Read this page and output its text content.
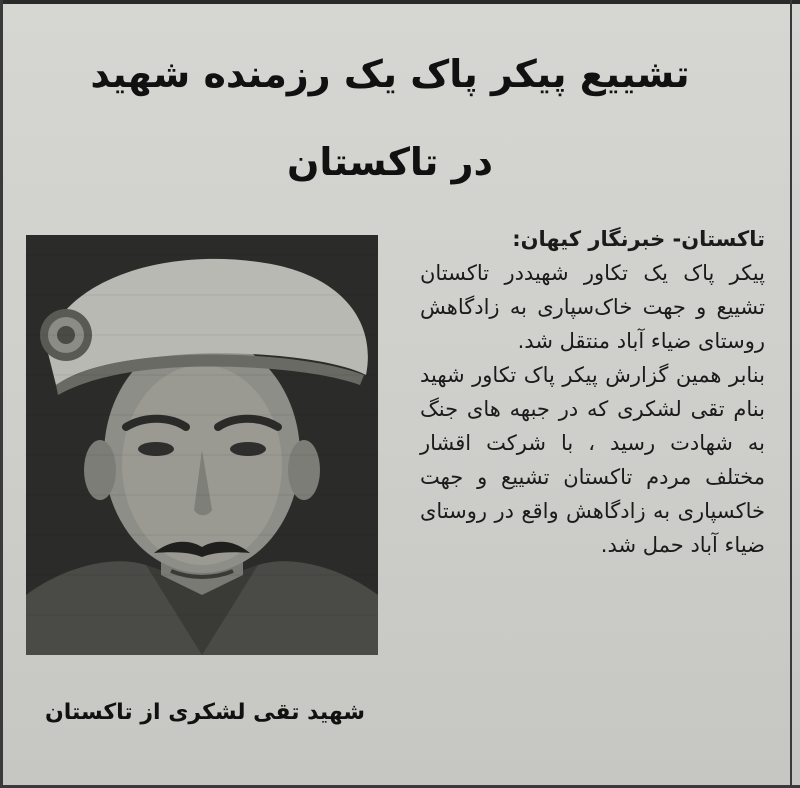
تشییع پیکر پاک یک رزمنده شهید
در تاکستان
شهید تقی لشکری از تاکستان

تاکستان- خبرنگار کیهان:

پیکر پاک یک تکاور شهیددر تاکستان تشییع و جهت خاک‌سپاری به زادگاهش روستای ضیاء آباد منتقل شد.

بنابر همین گزارش پیکر پاک تکاور شهید بنام تقی لشکری که در جبهه های جنگ به شهادت رسید ، با شرکت اقشار مختلف مردم تاکستان تشییع و جهت خاکسپاری به زادگاهش واقع در روستای ضیاء آباد حمل شد.
